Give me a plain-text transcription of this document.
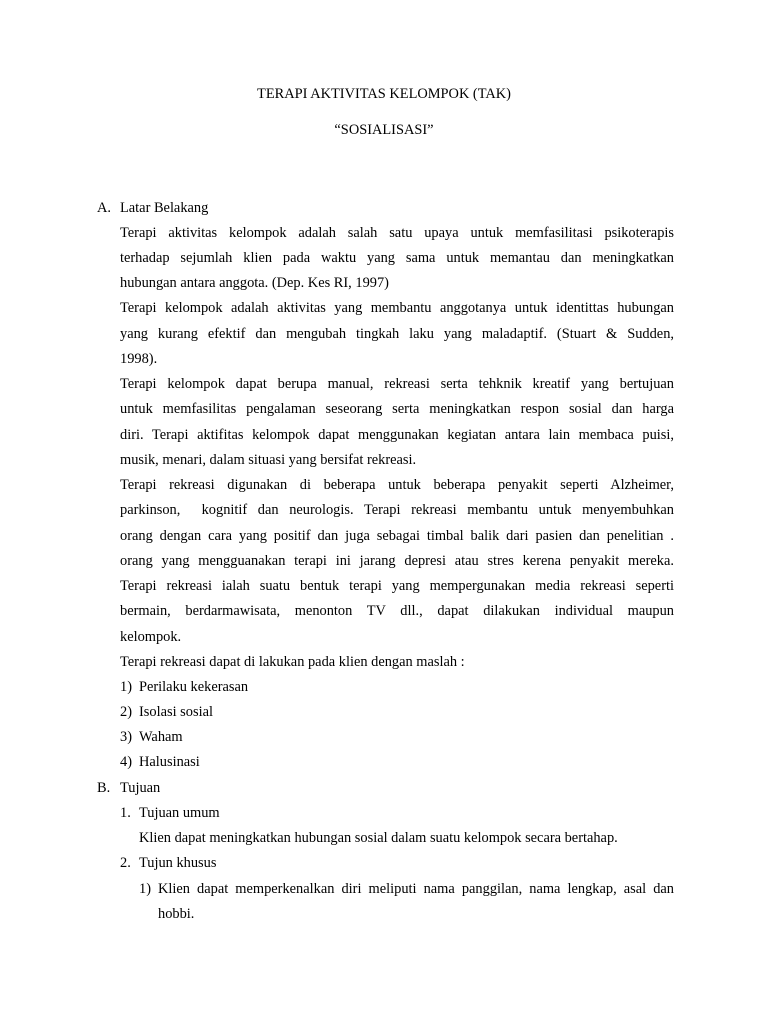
TERAPI AKTIVITAS KELOMPOK (TAK)
“SOSIALISASI”
A. Latar Belakang
Terapi aktivitas kelompok adalah salah satu upaya untuk memfasilitasi psikoterapis
terhadap sejumlah klien pada waktu yang sama untuk memantau dan meningkatkan
hubungan antara anggota. (Dep. Kes RI, 1997)
Terapi kelompok adalah aktivitas yang membantu anggotanya untuk identittas hubungan
yang kurang efektif dan mengubah tingkah laku yang maladaptif. (Stuart & Sudden,
1998).
Terapi kelompok dapat berupa manual, rekreasi serta tehknik kreatif yang bertujuan
untuk memfasilitas pengalaman seseorang serta meningkatkan respon sosial dan harga
diri. Terapi aktifitas kelompok dapat menggunakan kegiatan antara lain membaca puisi,
musik, menari, dalam situasi yang bersifat rekreasi.
Terapi rekreasi digunakan di beberapa untuk beberapa penyakit seperti Alzheimer,
parkinson,  kognitif dan neurologis. Terapi rekreasi membantu untuk menyembuhkan
orang dengan cara yang positif dan juga sebagai timbal balik dari pasien dan penelitian .
orang yang mengguanakan terapi ini jarang depresi atau stres kerena penyakit mereka.
Terapi rekreasi ialah suatu bentuk terapi yang mempergunakan media rekreasi seperti
bermain, berdarmawisata, menonton TV dll., dapat dilakukan individual maupun
kelompok.
Terapi rekreasi dapat di lakukan pada klien dengan maslah :
1) Perilaku kekerasan
2) Isolasi sosial
3) Waham
4) Halusinasi
B. Tujuan
1. Tujuan umum
Klien dapat meningkatkan hubungan sosial dalam suatu kelompok secara bertahap.
2. Tujun khusus
1) Klien dapat memperkenalkan diri meliputi nama panggilan, nama lengkap, asal dan
hobbi.
